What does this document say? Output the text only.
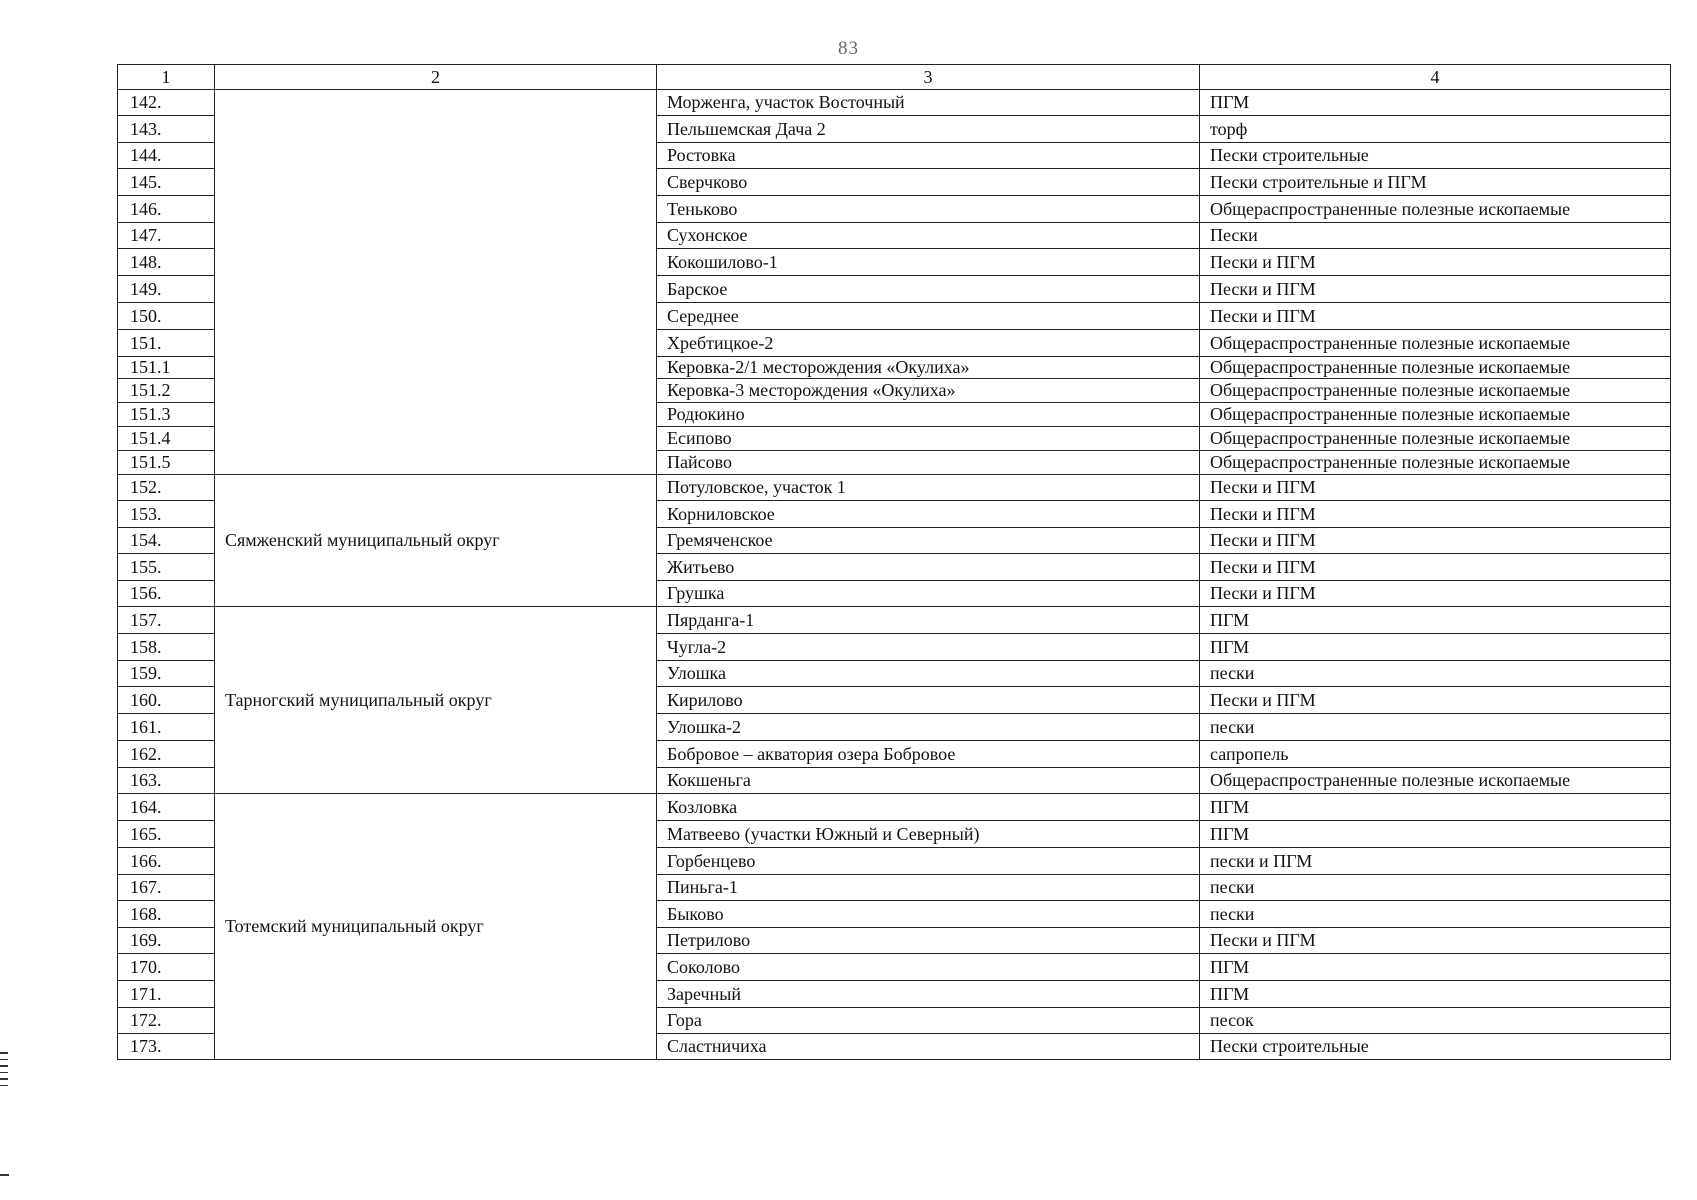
83
1	2	3	4
142.		Морженга, участок Восточный	ПГМ
143.		Пельшемская Дача 2	торф
144.		Ростовка	Пески строительные
145.		Сверчково	Пески строительные и ПГМ
146.		Теньково	Общераспространенные полезные ископаемые
147.		Сухонское	Пески
148.		Кокошилово-1	Пески и ПГМ
149.		Барское	Пески и ПГМ
150.		Середнее	Пески и ПГМ
151.		Хребтицкое-2	Общераспространенные полезные ископаемые
151.1		Керовка-2/1 месторождения «Окулиха»	Общераспространенные полезные ископаемые
151.2		Керовка-3 месторождения «Окулиха»	Общераспространенные полезные ископаемые
151.3		Родюкино	Общераспространенные полезные ископаемые
151.4		Есипово	Общераспространенные полезные ископаемые
151.5		Пайсово	Общераспространенные полезные ископаемые
152.	Сямженский муниципальный округ	Потуловское, участок 1	Пески и ПГМ
153.		Корниловское	Пески и ПГМ
154.		Гремяченское	Пески и ПГМ
155.		Житьево	Пески и ПГМ
156.		Грушка	Пески и ПГМ
157.	Тарногский муниципальный округ	Пярданга-1	ПГМ
158.		Чугла-2	ПГМ
159.		Улошка	пески
160.		Кирилово	Пески и ПГМ
161.		Улошка-2	пески
162.		Бобровое – акватория озера Бобровое	сапропель
163.		Кокшеньга	Общераспространенные полезные ископаемые
164.	Тотемский муниципальный округ	Козловка	ПГМ
165.		Матвеево (участки Южный и Северный)	ПГМ
166.		Горбенцево	пески и ПГМ
167.		Пиньга-1	пески
168.		Быково	пески
169.		Петрилово	Пески и ПГМ
170.		Соколово	ПГМ
171.		Заречный	ПГМ
172.		Гора	песок
173.		Сластничиха	Пески строительные
